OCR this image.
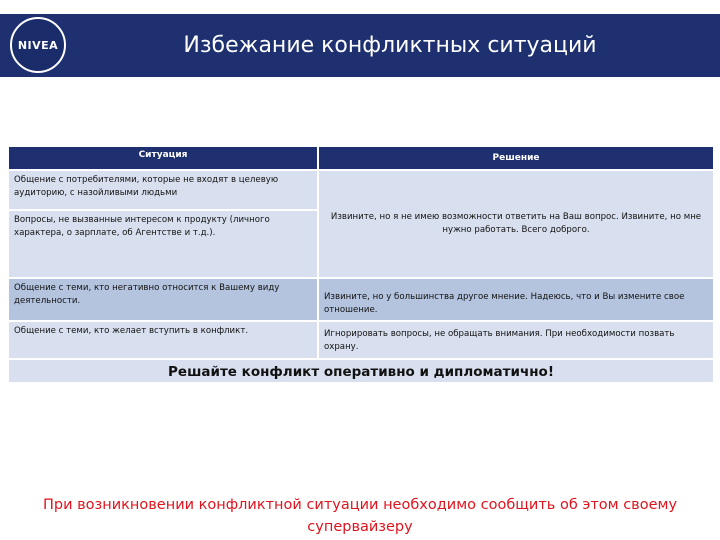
NIVEA	Избежание конфликтных ситуаций
Ситуация	Решение
Общение с потребителями, которые не входят в целевую аудиторию, с назойливыми людьми	Извините, но я не имею возможности ответить на Ваш вопрос. Извините, но мне нужно работать. Всего доброго.
Вопросы, не вызванные интересом к продукту (личного характера, о зарплате, об Агентстве и т.д.).	
Общение с теми, кто негативно относится к Вашему виду деятельности.	Извините, но у большинства другое мнение. Надеюсь, что и Вы измените свое отношение.
Общение с теми, кто желает вступить в конфликт.	Игнорировать вопросы, не обращать внимания. При необходимости позвать охрану.
Решайте конфликт оперативно и дипломатично!	
При возникновении конфликтной ситуации необходимо сообщить об этом своему супервайзеру
